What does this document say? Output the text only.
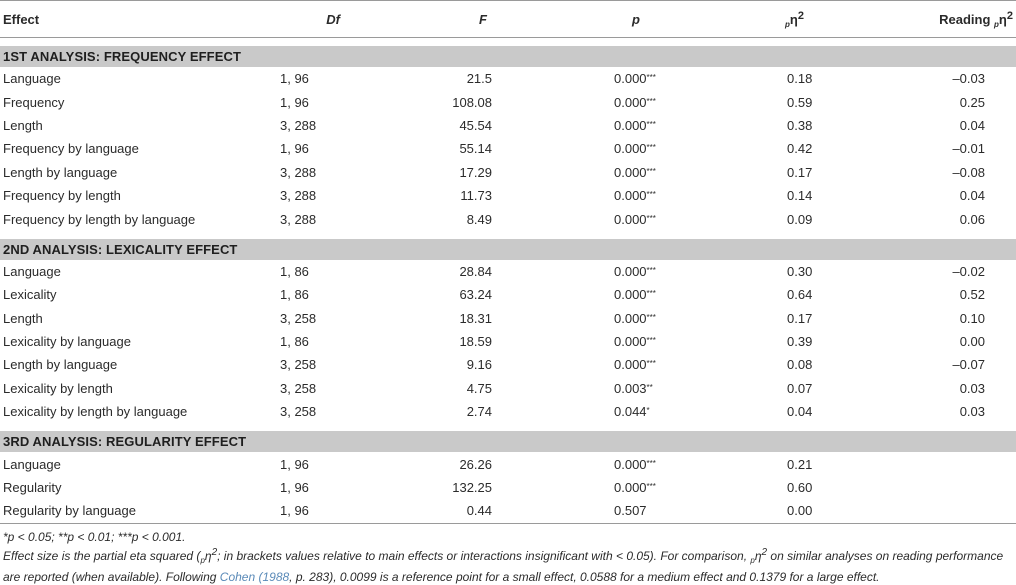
Effect	Df	F	p	$_p\eta^2$	Reading $_p\eta^2$

1ST ANALYSIS: FREQUENCY EFFECT					
Language	1, 96	21.5	0.000***	0.18	–0.03
Frequency	1, 96	108.08	0.000***	0.59	0.25
Length	3, 288	45.54	0.000***	0.38	0.04
Frequency by language	1, 96	55.14	0.000***	0.42	–0.01
Length by language	3, 288	17.29	0.000***	0.17	–0.08
Frequency by length	3, 288	11.73	0.000***	0.14	0.04
Frequency by length by language	3, 288	8.49	0.000***	0.09	0.06

2ND ANALYSIS: LEXICALITY EFFECT					
Language	1, 86	28.84	0.000***	0.30	–0.02
Lexicality	1, 86	63.24	0.000***	0.64	0.52
Length	3, 258	18.31	0.000***	0.17	0.10
Lexicality by language	1, 86	18.59	0.000***	0.39	0.00
Length by language	3, 258	9.16	0.000***	0.08	–0.07
Lexicality by length	3, 258	4.75	0.003**	0.07	0.03
Lexicality by length by language	3, 258	2.74	0.044*	0.04	0.03

3RD ANALYSIS: REGULARITY EFFECT					
Language	1, 96	26.26	0.000***	0.21	
Regularity	1, 96	132.25	0.000***	0.60	
Regularity by language	1, 96	0.44	0.507	0.00	

*p < 0.05; **p < 0.01; ***p < 0.001.

Effect size is the partial eta squared ($_p\eta^2$; in brackets values relative to main effects or interactions insignificant with < 0.05). For comparison, $_p\eta^2$ on similar analyses on reading performance are reported (when available). Following Cohen (1988, p. 283), 0.0099 is a reference point for a small effect, 0.0588 for a medium effect and 0.1379 for a large effect.
